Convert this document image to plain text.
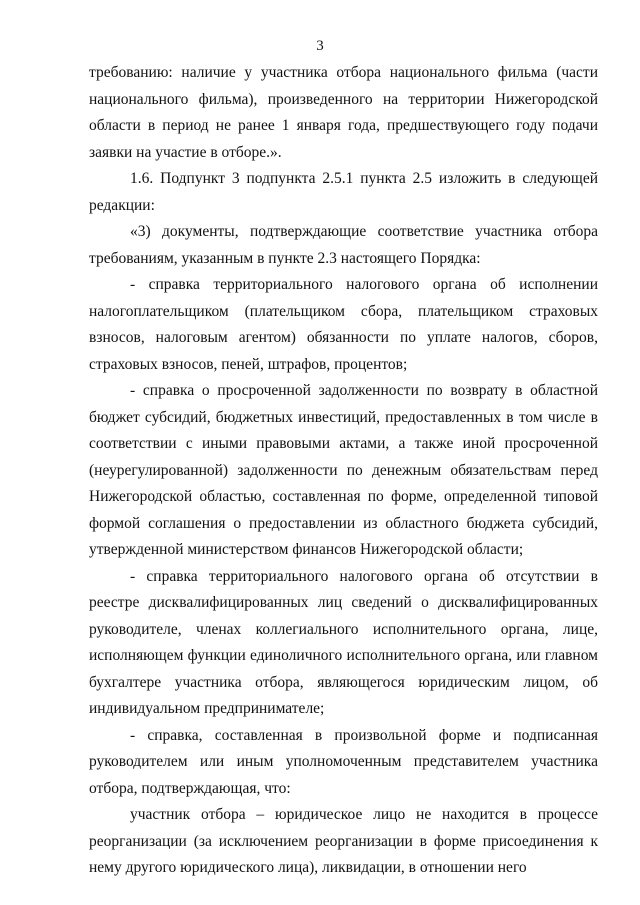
3

требованию: наличие у участника отбора национального фильма (части национального фильма), произведенного на территории Нижегородской области в период не ранее 1 января года, предшествующего году подачи заявки на участие в отборе.».

1.6. Подпункт 3 подпункта 2.5.1 пункта 2.5 изложить в следующей редакции:

«3) документы, подтверждающие соответствие участника отбора требованиям, указанным в пункте 2.3 настоящего Порядка:

- справка территориального налогового органа об исполнении налогоплательщиком (плательщиком сбора, плательщиком страховых взносов, налоговым агентом) обязанности по уплате налогов, сборов, страховых взносов, пеней, штрафов, процентов;

- справка о просроченной задолженности по возврату в областной бюджет субсидий, бюджетных инвестиций, предоставленных в том числе в соответствии с иными правовыми актами, а также иной просроченной (неурегулированной) задолженности по денежным обязательствам перед Нижегородской областью, составленная по форме, определенной типовой формой соглашения о предоставлении из областного бюджета субсидий, утвержденной министерством финансов Нижегородской области;

- справка территориального налогового органа об отсутствии в реестре дисквалифицированных лиц сведений о дисквалифицированных руководителе, членах коллегиального исполнительного органа, лице, исполняющем функции единоличного исполнительного органа, или главном бухгалтере участника отбора, являющегося юридическим лицом, об индивидуальном предпринимателе;

- справка, составленная в произвольной форме и подписанная руководителем или иным уполномоченным представителем участника отбора, подтверждающая, что:

участник отбора – юридическое лицо не находится в процессе реорганизации (за исключением реорганизации в форме присоединения к нему другого юридического лица), ликвидации, в отношении него
